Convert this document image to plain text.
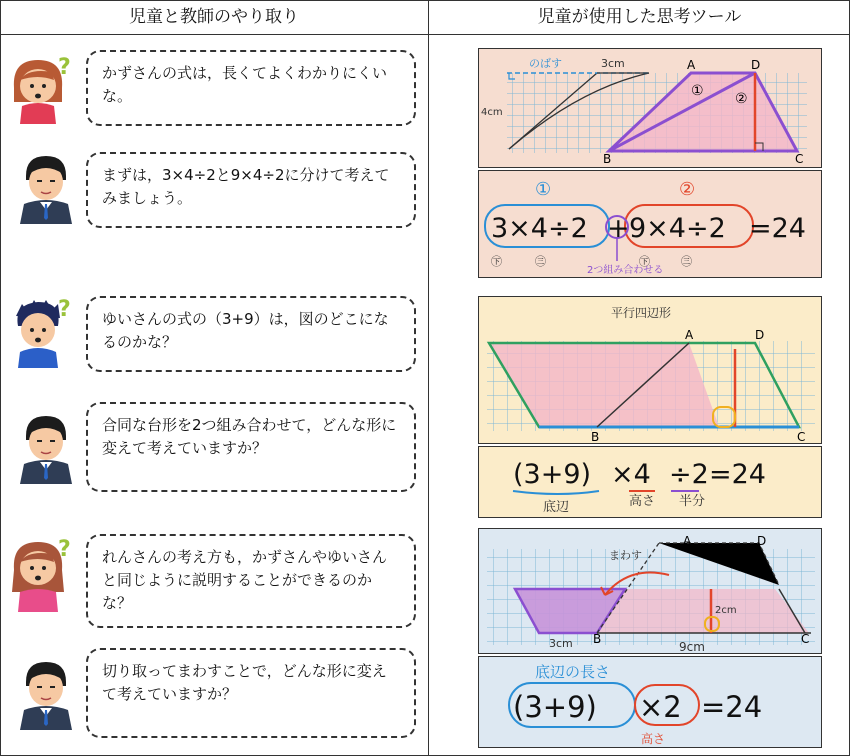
児童と教師のやり取り	児童が使用した思考ツール
?
?
?
かずさんの式は，長くてよくわかりにくいな。
まずは，3×4÷2と9×4÷2に分けて考えてみましょう。
ゆいさんの式の（3+9）は，図のどこになるのかな？
合同な台形を2つ組み合わせて，どんな形に変えて考えていますか？
れんさんの考え方も，かずさんやゆいさんと同じように説明することができるのかな？
切り取ってまわすことで，どんな形に変えて考えていますか？
のばす	3cm
4cm
A	D
B	C
① ②
①	②
3×4÷2 + 9×4÷2 =24
㊦	㊂	㊦	㊂
2つ組み合わせる
平行四辺形
A	D
B	C
(3+9) ×4 ÷2 =24
底辺	高さ 半分
A	D
B	C
まわす
2cm
3cm	9cm
底辺の長さ
(3+9) ×2 =24
高さ
